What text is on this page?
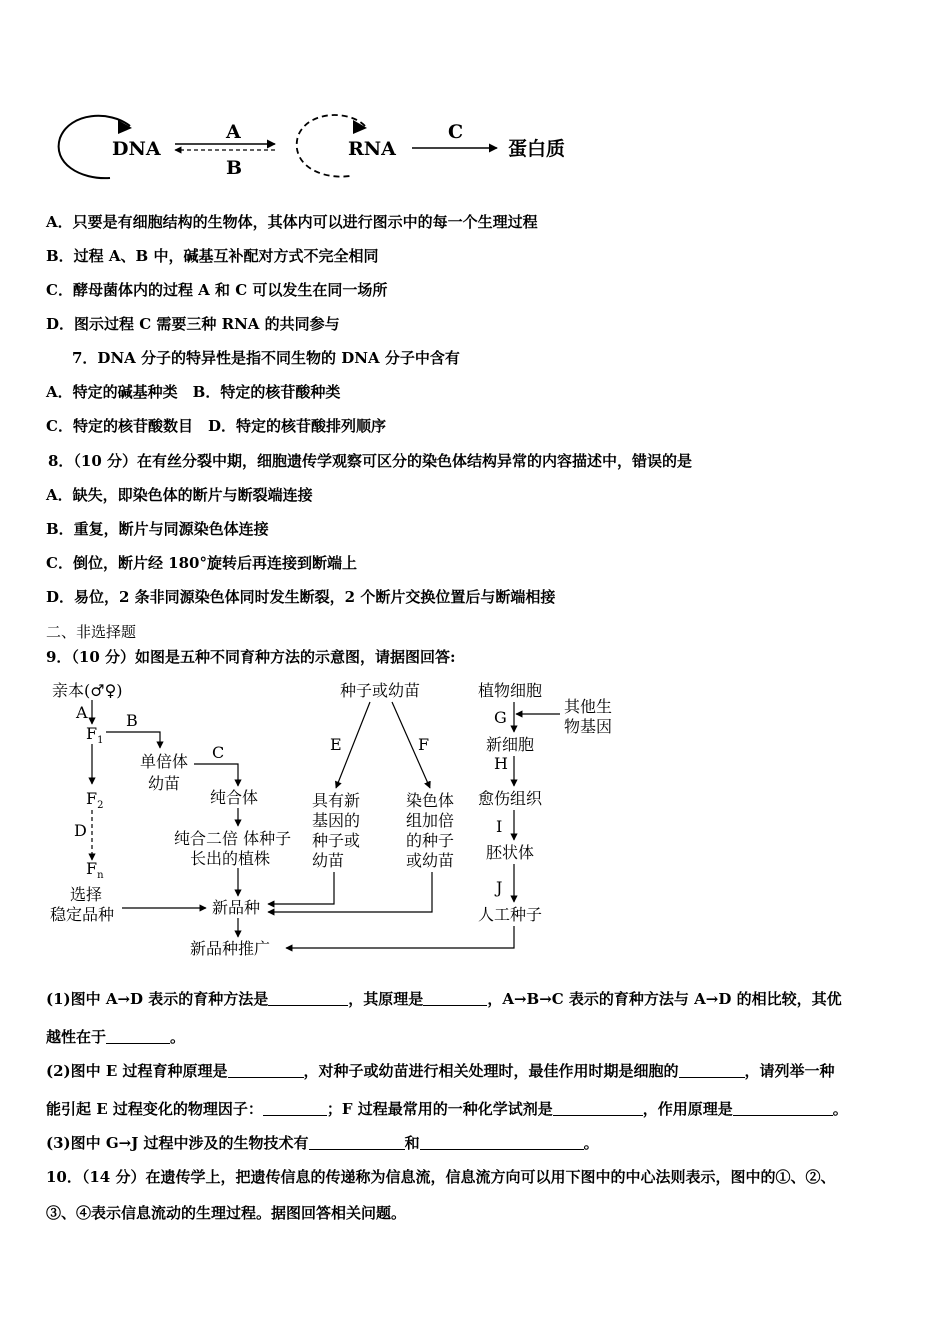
DNA
A
B
RNA
C
蛋白质
A．只要是有细胞结构的生物体，其体内可以进行图示中的每一个生理过程
B．过程 A、B 中，碱基互补配对方式不完全相同
C．酵母菌体内的过程 A 和 C 可以发生在同一场所
D．图示过程 C 需要三种 RNA 的共同参与
7．DNA 分子的特异性是指不同生物的 DNA 分子中含有
A．特定的碱基种类　B．特定的核苷酸种类
C．特定的核苷酸数目　D．特定的核苷酸排列顺序
8．（10 分）在有丝分裂中期，细胞遗传学观察可区分的染色体结构异常的内容描述中，错误的是
A．缺失，即染色体的断片与断裂端连接
B．重复，断片与同源染色体连接
C．倒位，断片经 180°旋转后再连接到断端上
D．易位，2 条非同源染色体同时发生断裂，2 个断片交换位置后与断端相接
二、非选择题
9．（10 分）如图是五种不同育种方法的示意图，请据图回答:
亲本(♂♀)
A
$F_1$
B
单倍体
幼苗
C
纯合体
纯合二倍 体种子
长出的植株
$F_2$
D
$F_n$
选择
稳定品种	新品种
新品种推广
种子或幼苗
E	F
具有新
基因的
种子或
幼苗
染色体
组加倍
的种子
或幼苗
植物细胞
G
其他生
物基因
新细胞
H
愈伤组织
I
胚状体
J
人工种子
(1)图中 A→D 表示的育种方法是	，其原理是	，A→B→C 表示的育种方法与 A→D 的相比较，其优
越性在于	。
(2)图中 E 过程育种原理是	，对种子或幼苗进行相关处理时，最佳作用时期是细胞的	，请列举一种
能引起 E 过程变化的物理因子：	；F 过程最常用的一种化学试剂是	，作用原理是	。
(3)图中 G→J 过程中涉及的生物技术有	和	。
10．（14 分）在遗传学上，把遗传信息的传递称为信息流，信息流方向可以用下图中的中心法则表示，图中的①、②、
③、④表示信息流动的生理过程。据图回答相关问题。
